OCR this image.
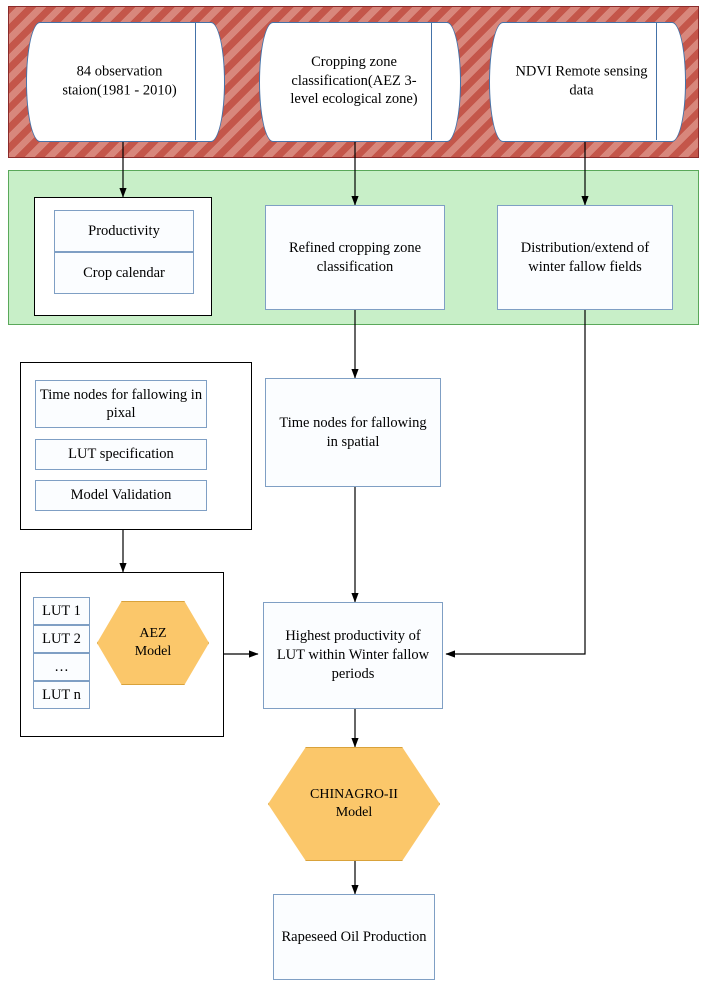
84 observation staion(1981 - 2010)
Cropping zone classification(AEZ 3-level ecological zone)
NDVI Remote sensing data
Productivity
Crop calendar
Refined cropping zone classification
Distribution/extend of winter fallow fields
Time nodes for fallowing in pixal
LUT specification
Model Validation
Time nodes for fallowing in spatial
LUT 1
LUT 2
…
LUT n
AEZ
Model
Highest productivity of LUT within Winter fallow periods
CHINAGRO-II
Model
Rapeseed Oil Production
